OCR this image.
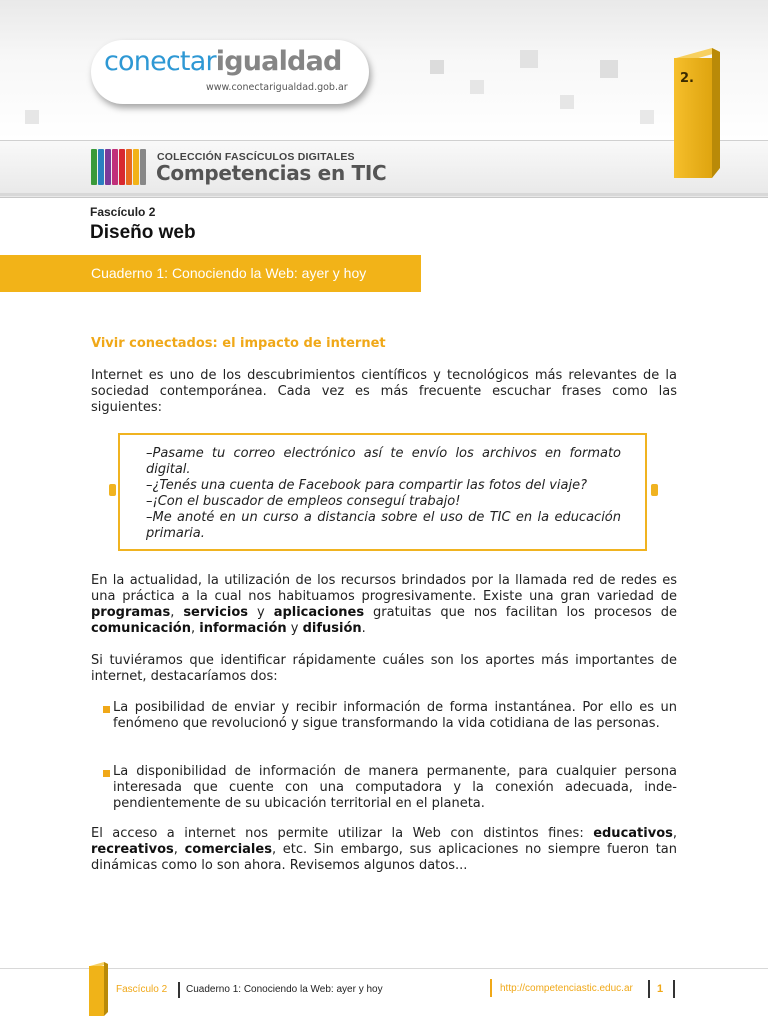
conectarigualdad
www.conectarigualdad.gob.ar
COLECCIÓN FASCÍCULOS DIGITALES
Competencias en TIC
2.
Fascículo 2
Diseño web
Cuaderno 1: Conociendo la Web: ayer y hoy
Vivir conectados: el impacto de internet

Internet es uno de los descubrimientos científicos y tecnológicos más relevantes de la sociedad contemporánea. Cada vez es más frecuente escuchar frases como las siguientes:

–Pasame tu correo electrónico así te envío los archivos en formato digital.
–¿Tenés una cuenta de Facebook para compartir las fotos del viaje?
–¡Con el buscador de empleos conseguí trabajo!
–Me anoté en un curso a distancia sobre el uso de TIC en la educación primaria.

En la actualidad, la utilización de los recursos brindados por la llamada red de redes es una práctica a la cual nos habituamos progresivamente. Existe una gran variedad de programas, servicios y aplicaciones gratuitas que nos facilitan los procesos de comunicación, información y difusión.

Si tuviéramos que identificar rápidamente cuáles son los aportes más importantes de internet, destacaríamos dos:

La posibilidad de enviar y recibir información de forma instantánea. Por ello es un fenómeno que revolucionó y sigue transformando la vida cotidiana de las personas.
La disponibilidad de información de manera permanente, para cualquier persona interesada que cuente con una computadora y la conexión adecuada, independientemente de su ubicación territorial en el planeta.

El acceso a internet nos permite utilizar la Web con distintos fines: educativos, recreativos, comerciales, etc. Sin embargo, sus aplicaciones no siempre fueron tan dinámicas como lo son ahora. Revisemos algunos datos...

Fascículo 2 Cuaderno 1: Conociendo la Web: ayer y hoy	http://competenciastic.educ.ar 1
